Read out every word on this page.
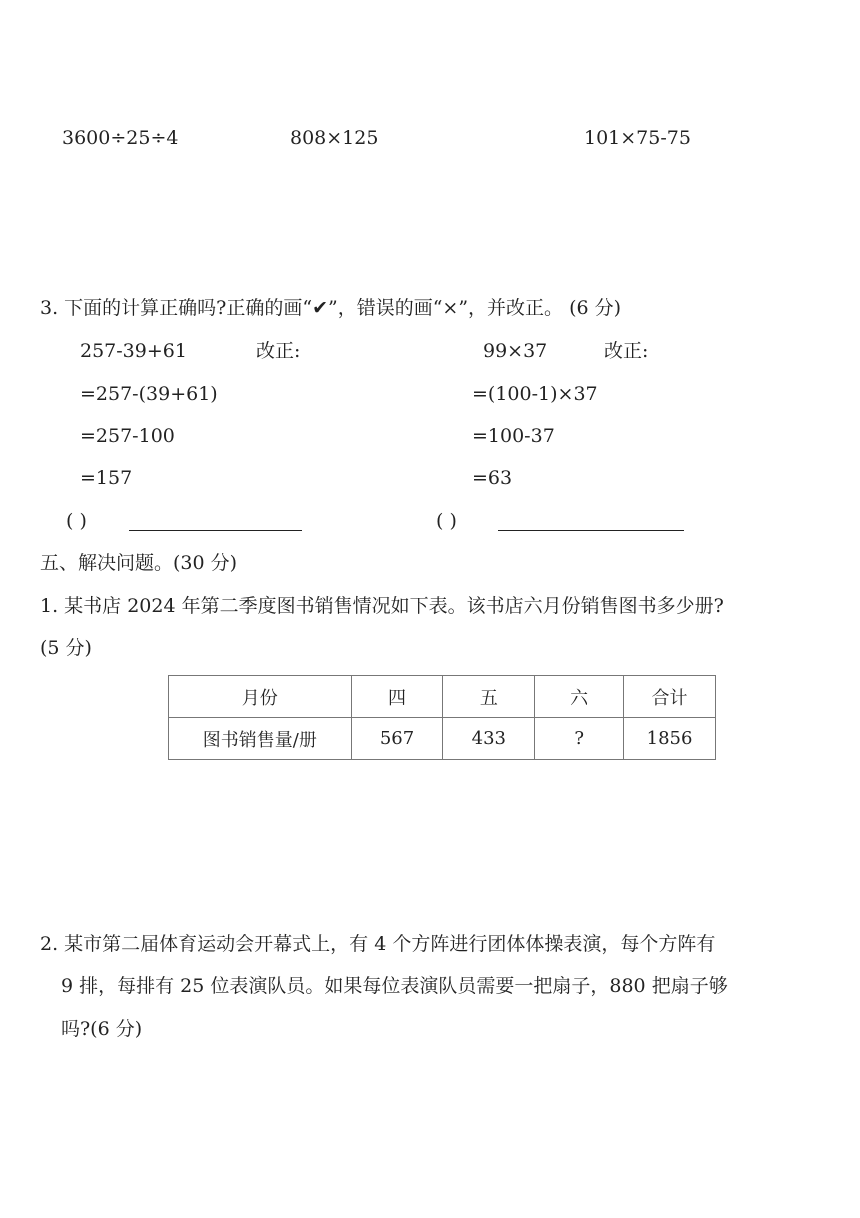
3600÷25÷4	808×125	101×75-75
3. 下面的计算正确吗?正确的画“✔”，错误的画“×”，并改正。 (6 分)
257-39+61	改正:
=257-(39+61)
=257-100
=157
( )
99×37	改正:
=(100-1)×37
=100-37
=63
( )
五、解决问题。(30 分)
1. 某书店 2024 年第二季度图书销售情况如下表。该书店六月份销售图书多少册?
(5 分)
月份	四	五	六	合计
图书销售量/册	567	433	?	1856
2. 某市第二届体育运动会开幕式上，有 4 个方阵进行团体体操表演，每个方阵有
9 排，每排有 25 位表演队员。如果每位表演队员需要一把扇子，880 把扇子够
吗?(6 分)
